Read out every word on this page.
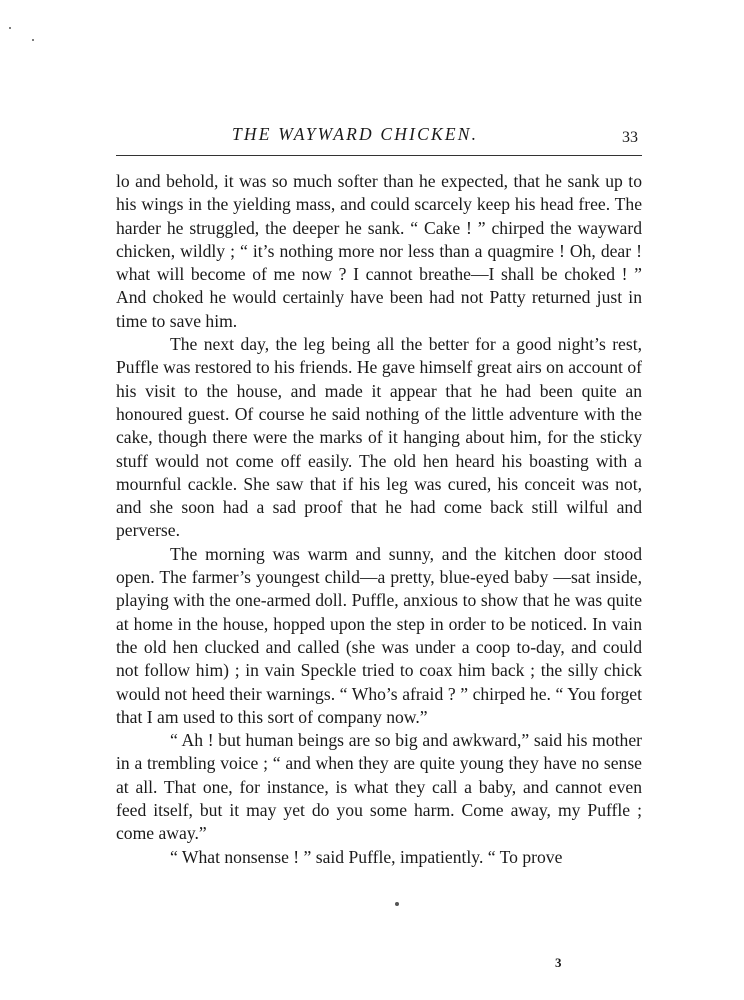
THE WAYWARD CHICKEN.	33

lo and behold, it was so much softer than he expected, that he sank up to his wings in the yielding mass, and could scarcely keep his head free. The harder he struggled, the deeper he sank. “ Cake ! ” chirped the wayward chicken, wildly ; “ it’s nothing more nor less than a quagmire ! Oh, dear ! what will become of me now ? I cannot breathe—I shall be choked ! ” And choked he would certainly have been had not Patty returned just in time to save him.

The next day, the leg being all the better for a good night’s rest, Puffle was restored to his friends. He gave himself great airs on account of his visit to the house, and made it appear that he had been quite an honoured guest. Of course he said nothing of the little adventure with the cake, though there were the marks of it hanging about him, for the sticky stuff would not come off easily. The old hen heard his boasting with a mournful cackle. She saw that if his leg was cured, his conceit was not, and she soon had a sad proof that he had come back still wilful and perverse.

The morning was warm and sunny, and the kitchen door stood open. The farmer’s youngest child—a pretty, blue-eyed baby —sat inside, playing with the one-armed doll. Puffle, anxious to show that he was quite at home in the house, hopped upon the step in order to be noticed. In vain the old hen clucked and called (she was under a coop to-day, and could not follow him) ; in vain Speckle tried to coax him back ; the silly chick would not heed their warnings. “ Who’s afraid ? ” chirped he. “ You forget that I am used to this sort of company now.”

“ Ah ! but human beings are so big and awkward,” said his mother in a trembling voice ; “ and when they are quite young they have no sense at all. That one, for instance, is what they call a baby, and cannot even feed itself, but it may yet do you some harm. Come away, my Puffle ; come away.”

“ What nonsense ! ” said Puffle, impatiently. “ To prove

3
